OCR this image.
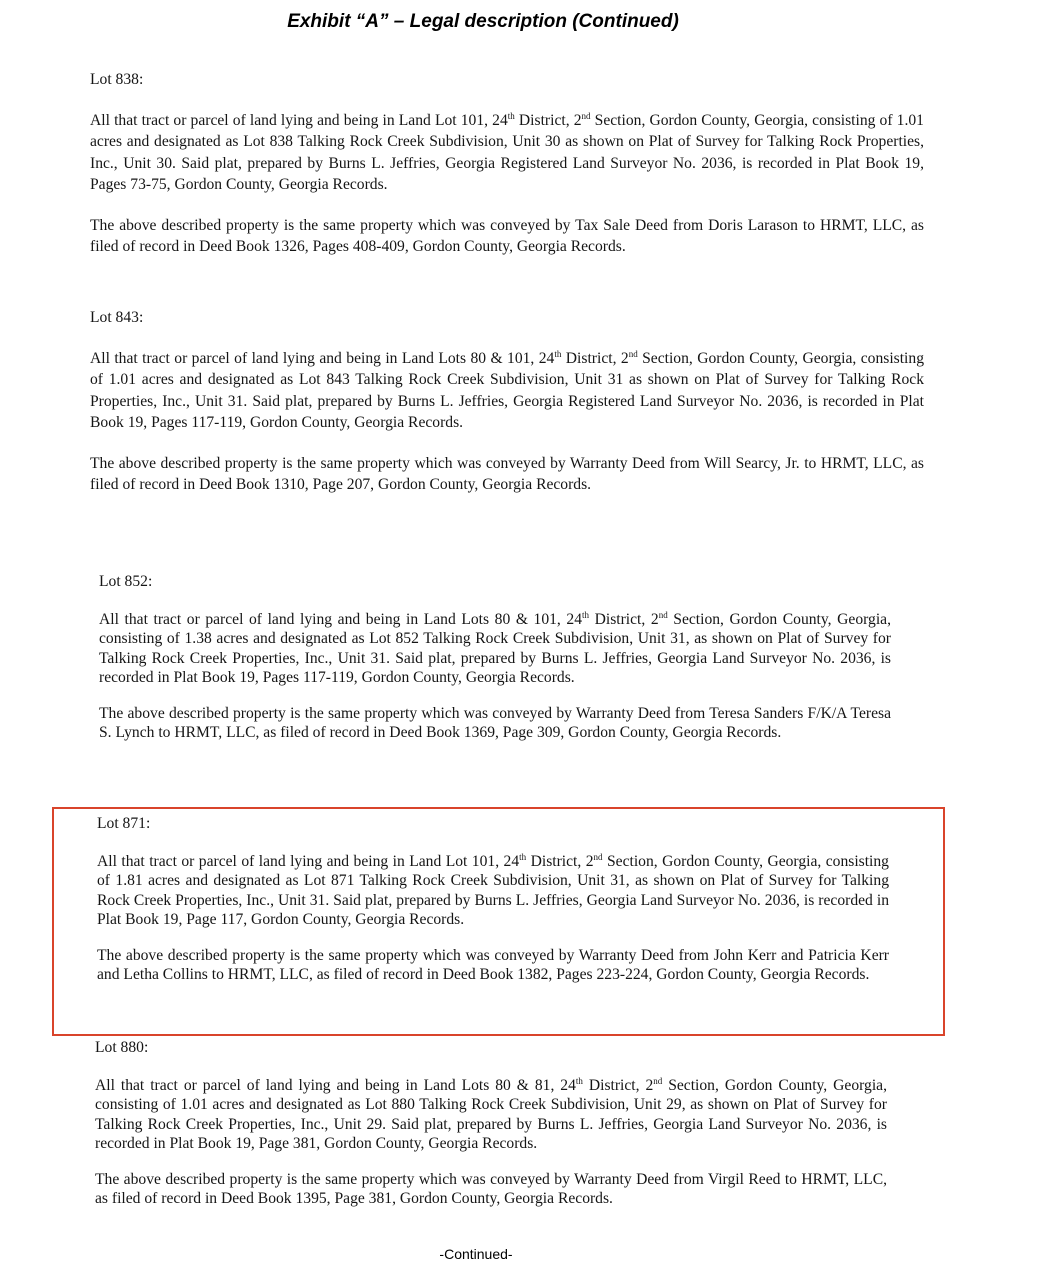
Exhibit “A” – Legal description (Continued)

Lot 838:

All that tract or parcel of land lying and being in Land Lot 101, 24th District, 2nd Section, Gordon County, Georgia, consisting of 1.01 acres and designated as Lot 838 Talking Rock Creek Subdivision, Unit 30 as shown on Plat of Survey for Talking Rock Properties, Inc., Unit 30. Said plat, prepared by Burns L. Jeffries, Georgia Registered Land Surveyor No. 2036, is recorded in Plat Book 19, Pages 73-75, Gordon County, Georgia Records.

The above described property is the same property which was conveyed by Tax Sale Deed from Doris Larason to HRMT, LLC, as filed of record in Deed Book 1326, Pages 408-409, Gordon County, Georgia Records.

Lot 843:

All that tract or parcel of land lying and being in Land Lots 80 & 101, 24th District, 2nd Section, Gordon County, Georgia, consisting of 1.01 acres and designated as Lot 843 Talking Rock Creek Subdivision, Unit 31 as shown on Plat of Survey for Talking Rock Properties, Inc., Unit 31. Said plat, prepared by Burns L. Jeffries, Georgia Registered Land Surveyor No. 2036, is recorded in Plat Book 19, Pages 117-119, Gordon County, Georgia Records.

The above described property is the same property which was conveyed by Warranty Deed from Will Searcy, Jr. to HRMT, LLC, as filed of record in Deed Book 1310, Page 207, Gordon County, Georgia Records.

Lot 852:

All that tract or parcel of land lying and being in Land Lots 80 & 101, 24th District, 2nd Section, Gordon County, Georgia, consisting of 1.38 acres and designated as Lot 852 Talking Rock Creek Subdivision, Unit 31, as shown on Plat of Survey for Talking Rock Creek Properties, Inc., Unit 31. Said plat, prepared by Burns L. Jeffries, Georgia Land Surveyor No. 2036, is recorded in Plat Book 19, Pages 117-119, Gordon County, Georgia Records.

The above described property is the same property which was conveyed by Warranty Deed from Teresa Sanders F/K/A Teresa S. Lynch to HRMT, LLC, as filed of record in Deed Book 1369, Page 309, Gordon County, Georgia Records.

Lot 871:

All that tract or parcel of land lying and being in Land Lot 101, 24th District, 2nd Section, Gordon County, Georgia, consisting of 1.81 acres and designated as Lot 871 Talking Rock Creek Subdivision, Unit 31, as shown on Plat of Survey for Talking Rock Creek Properties, Inc., Unit 31. Said plat, prepared by Burns L. Jeffries, Georgia Land Surveyor No. 2036, is recorded in Plat Book 19, Page 117, Gordon County, Georgia Records.

The above described property is the same property which was conveyed by Warranty Deed from John Kerr and Patricia Kerr and Letha Collins to HRMT, LLC, as filed of record in Deed Book 1382, Pages 223-224, Gordon County, Georgia Records.

Lot 880:

All that tract or parcel of land lying and being in Land Lots 80 & 81, 24th District, 2nd Section, Gordon County, Georgia, consisting of 1.01 acres and designated as Lot 880 Talking Rock Creek Subdivision, Unit 29, as shown on Plat of Survey for Talking Rock Creek Properties, Inc., Unit 29. Said plat, prepared by Burns L. Jeffries, Georgia Land Surveyor No. 2036, is recorded in Plat Book 19, Page 381, Gordon County, Georgia Records.

The above described property is the same property which was conveyed by Warranty Deed from Virgil Reed to HRMT, LLC, as filed of record in Deed Book 1395, Page 381, Gordon County, Georgia Records.

-Continued-
